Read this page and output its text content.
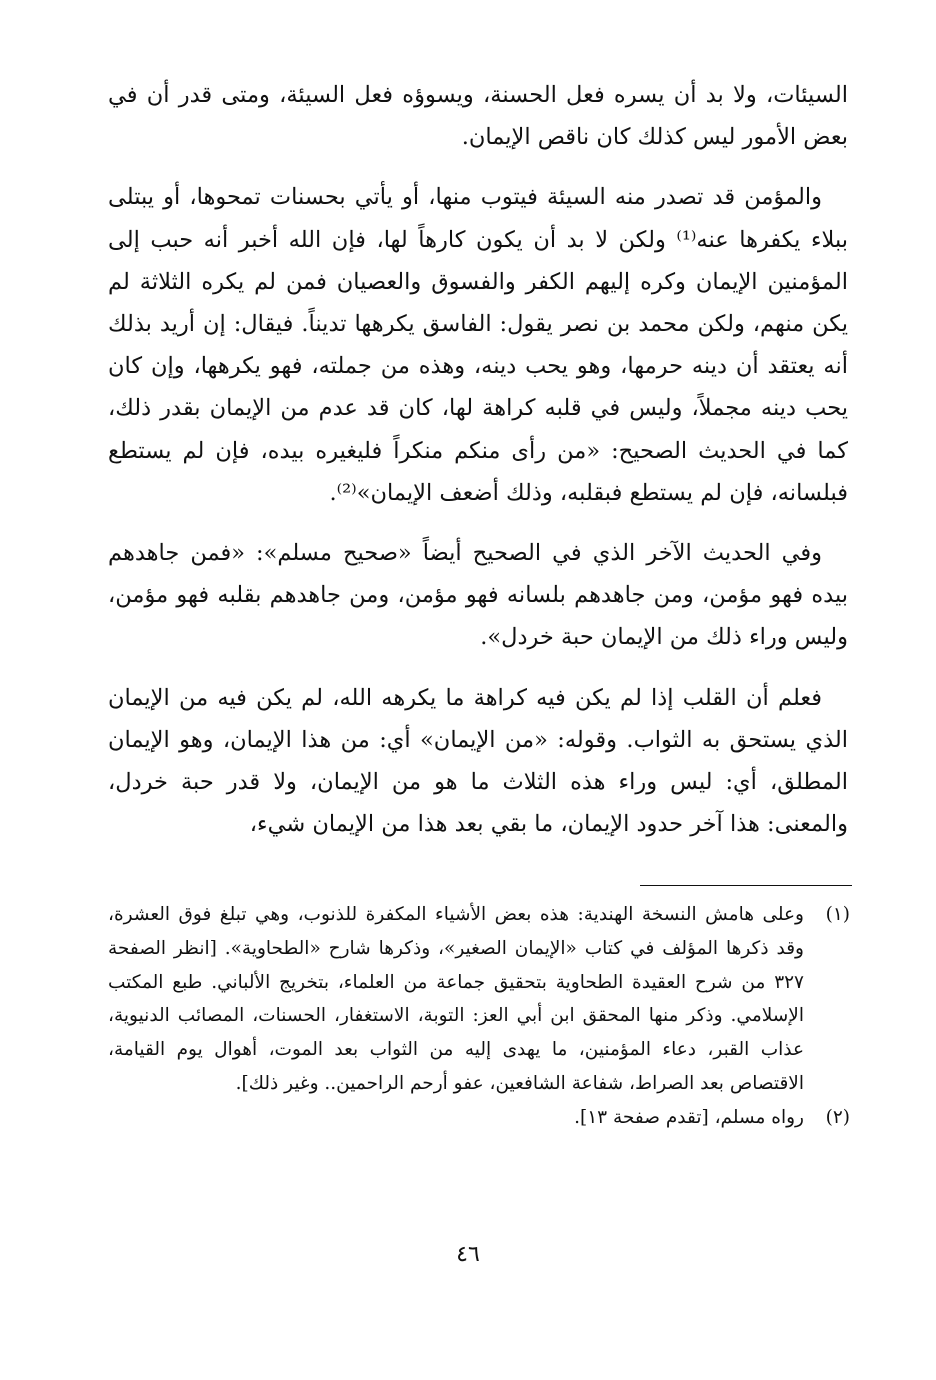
السيئات، ولا بد أن يسره فعل الحسنة، ويسوؤه فعل السيئة، ومتى قدر أن في بعض الأمور ليس كذلك كان ناقص الإيمان.

والمؤمن قد تصدر منه السيئة فيتوب منها، أو يأتي بحسنات تمحوها، أو يبتلى ببلاء يكفرها عنه⁽¹⁾ ولكن لا بد أن يكون كارهاً لها، فإن الله أخبر أنه حبب إلى المؤمنين الإيمان وكره إليهم الكفر والفسوق والعصيان فمن لم يكره الثلاثة لم يكن منهم، ولكن محمد بن نصر يقول: الفاسق يكرهها تديناً. فيقال: إن أريد بذلك أنه يعتقد أن دينه حرمها، وهو يحب دينه، وهذه من جملته، فهو يكرهها، وإن كان يحب دينه مجملاً، وليس في قلبه كراهة لها، كان قد عدم من الإيمان بقدر ذلك، كما في الحديث الصحيح: «من رأى منكم منكراً فليغيره بيده، فإن لم يستطع فبلسانه، فإن لم يستطع فبقلبه، وذلك أضعف الإيمان»⁽²⁾.

وفي الحديث الآخر الذي في الصحيح أيضاً «صحيح مسلم»: «فمن جاهدهم بيده فهو مؤمن، ومن جاهدهم بلسانه فهو مؤمن، ومن جاهدهم بقلبه فهو مؤمن، وليس وراء ذلك من الإيمان حبة خردل».

فعلم أن القلب إذا لم يكن فيه كراهة ما يكرهه الله، لم يكن فيه من الإيمان الذي يستحق به الثواب. وقوله: «من الإيمان» أي: من هذا الإيمان، وهو الإيمان المطلق، أي: ليس وراء هذه الثلاث ما هو من الإيمان، ولا قدر حبة خردل، والمعنى: هذا آخر حدود الإيمان، ما بقي بعد هذا من الإيمان شيء،

(١)
وعلى هامش النسخة الهندية: هذه بعض الأشياء المكفرة للذنوب، وهي تبلغ فوق العشرة، وقد ذكرها المؤلف في كتاب «الإيمان الصغير»، وذكرها شارح «الطحاوية». [انظر الصفحة ٣٢٧ من شرح العقيدة الطحاوية بتحقيق جماعة من العلماء، بتخريج الألباني. طبع المكتب الإسلامي. وذكر منها المحقق ابن أبي العز: التوبة، الاستغفار، الحسنات، المصائب الدنيوية، عذاب القبر، دعاء المؤمنين، ما يهدى إليه من الثواب بعد الموت، أهوال يوم القيامة، الاقتصاص بعد الصراط، شفاعة الشافعين، عفو أرحم الراحمين.. وغير ذلك].
(٢)
رواه مسلم، [تقدم صفحة ١٣].
٤٦
